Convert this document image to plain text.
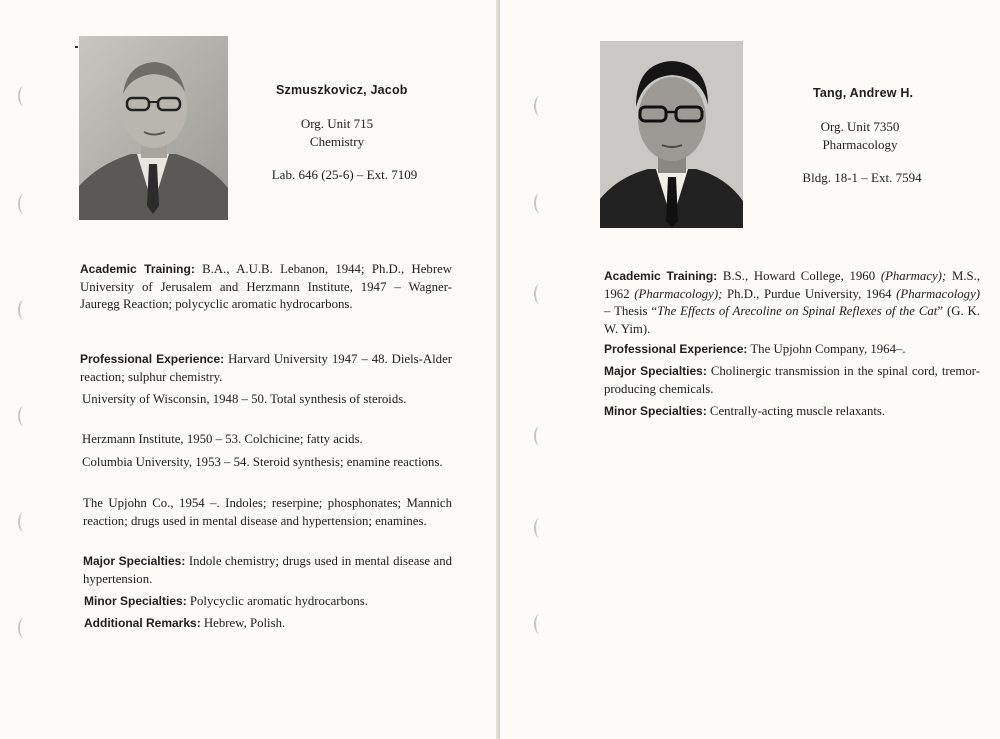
Szmuszkovicz, Jacob
Org. Unit 715
Chemistry
Lab. 646 (25-6) – Ext. 7109
Academic Training: B.A., A.U.B. Lebanon, 1944; Ph.D., Hebrew University of Jerusalem and Herzmann Institute, 1947 – Wagner-Jauregg Reaction; polycyclic aromatic hydrocarbons.
Professional Experience: Harvard University 1947 – 48. Diels-Alder reaction; sulphur chemistry.
University of Wisconsin, 1948 – 50. Total synthesis of steroids.
Herzmann Institute, 1950 – 53. Colchicine; fatty acids.
Columbia University, 1953 – 54. Steroid synthesis; enamine reactions.
The Upjohn Co., 1954 –. Indoles; reserpine; phosphonates; Mannich reaction; drugs used in mental disease and hypertension; enamines.
Major Specialties: Indole chemistry; drugs used in mental disease and hypertension.
Minor Specialties: Polycyclic aromatic hydrocarbons.
Additional Remarks: Hebrew, Polish.
Tang, Andrew H.
Org. Unit 7350
Pharmacology
Bldg. 18-1 – Ext. 7594
Academic Training: B.S., Howard College, 1960 (Pharmacy); M.S., 1962 (Pharmacology); Ph.D., Purdue University, 1964 (Pharmacology) – Thesis “The Effects of Arecoline on Spinal Reflexes of the Cat” (G. K. W. Yim).
Professional Experience: The Upjohn Company, 1964–.
Major Specialties: Cholinergic transmission in the spinal cord, tremor-producing chemicals.
Minor Specialties: Centrally-acting muscle relaxants.
